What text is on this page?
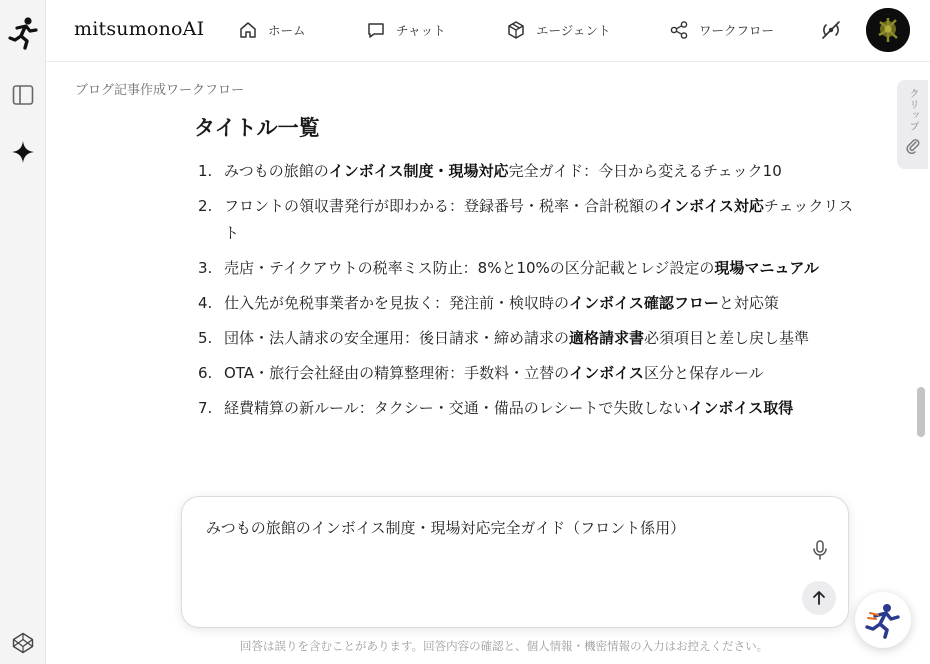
mitsumonoAI	ホーム	チャット	エージェント	ワークフロー
ブログ記事作成ワークフロー	クリップ
タイトル一覧
1. みつもの旅館のインボイス制度・現場対応完全ガイド：今日から変えるチェック10
2. フロントの領収書発行が即わかる：登録番号・税率・合計税額のインボイス対応チェックリスト
3. 売店・テイクアウトの税率ミス防止：8%と10%の区分記載とレジ設定の現場マニュアル
4. 仕入先が免税事業者かを見抜く：発注前・検収時のインボイス確認フローと対応策
5. 団体・法人請求の安全運用：後日請求・締め請求の適格請求書必須項目と差し戻し基準
6. OTA・旅行会社経由の精算整理術：手数料・立替のインボイス区分と保存ルール
7. 経費精算の新ルール：タクシー・交通・備品のレシートで失敗しないインボイス取得
みつもの旅館のインボイス制度・現場対応完全ガイド（フロント係用）
回答は誤りを含むことがあります。回答内容の確認と、個人情報・機密情報の入力はお控えください。
